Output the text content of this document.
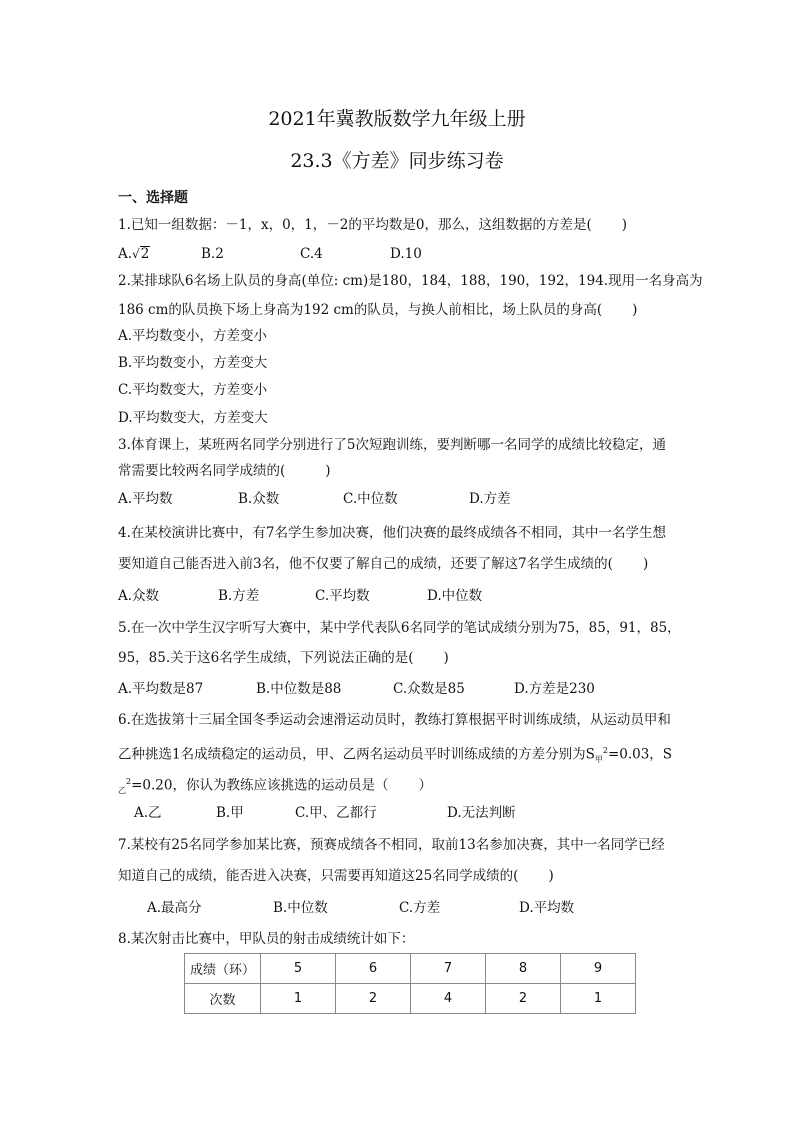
2021年冀教版数学九年级上册
23.3《方差》同步练习卷
一、选择题
1.已知一组数据：－1，x，0，1，－2的平均数是0，那么，这组数据的方差是( )
A.√2	B.2	C.4	D.10
2.某排球队6名场上队员的身高(单位: cm)是180，184，188，190，192，194.现用一名身高为
186 cm的队员换下场上身高为192 cm的队员，与换人前相比，场上队员的身高( )
A.平均数变小，方差变小
B.平均数变小，方差变大
C.平均数变大，方差变小
D.平均数变大，方差变大
3.体育课上，某班两名同学分别进行了5次短跑训练，要判断哪一名同学的成绩比较稳定，通
常需要比较两名同学成绩的(	)
A.平均数	B.众数	C.中位数	D.方差
4.在某校演讲比赛中，有7名学生参加决赛，他们决赛的最终成绩各不相同，其中一名学生想
要知道自己能否进入前3名，他不仅要了解自己的成绩，还要了解这7名学生成绩的( )
A.众数	B.方差	C.平均数	D.中位数
5.在一次中学生汉字听写大赛中，某中学代表队6名同学的笔试成绩分别为75，85，91，85，
95，85.关于这6名学生成绩，下列说法正确的是( )
A.平均数是87	B.中位数是88	C.众数是85	D.方差是230
6.在选拔第十三届全国冬季运动会速滑运动员时，教练打算根据平时训练成绩，从运动员甲和
乙种挑选1名成绩稳定的运动员，甲、乙两名运动员平时训练成绩的方差分别为$S_甲^2=0.03$，S
$_乙^2$=0.20，你认为教练应该挑选的运动员是（ ）
A.乙	B.甲	C.甲、乙都行	D.无法判断
7.某校有25名同学参加某比赛，预赛成绩各不相同，取前13名参加决赛，其中一名同学已经
知道自己的成绩，能否进入决赛，只需要再知道这25名同学成绩的( )
A.最高分	B.中位数	C.方差	D.平均数
8.某次射击比赛中，甲队员的射击成绩统计如下：
成绩（环）	5	6	7	8	9
次数	1	2	4	2	1
